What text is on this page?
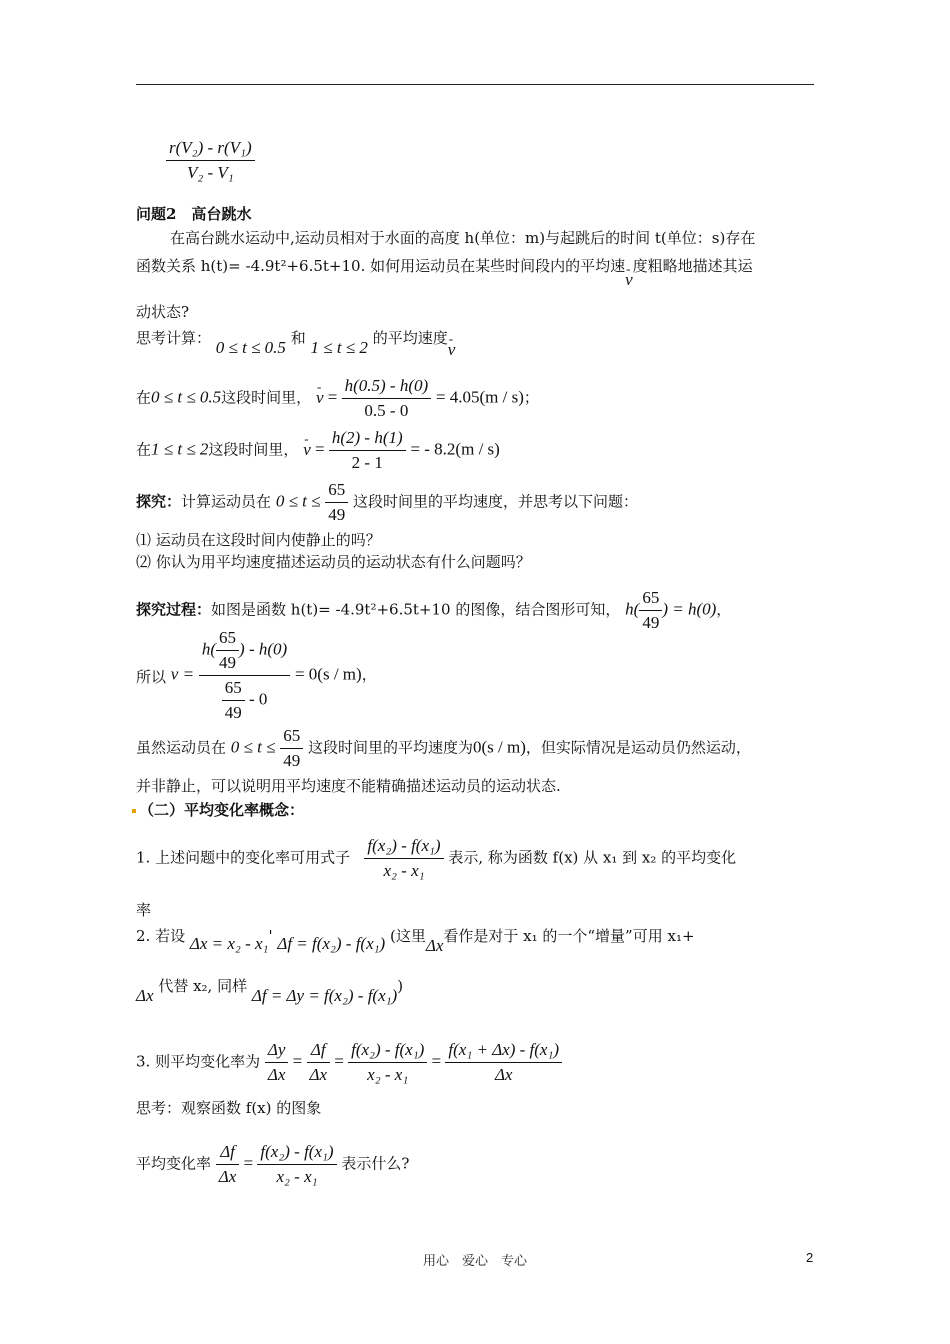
$\frac{\text{r(V₂) - r(V₁)}}{\text{V₂ - V₁}}$
问题2　高台跳水
在高台跳水运动中,运动员相对于水面的高度 h(单位：m)与起跳后的时间 t(单位：s)存在
函数关系 h(t)= -4.9t²+6.5t+10. 如何用运动员在某些时间段内的平均速- v度粗略地描述其运
动状态?
思考计算： 0 ≤ t ≤ 0.5 和 1 ≤ t ≤ 2 的平均速度- v
在0 ≤ t ≤ 0.5这段时间里， - $v = \frac{h(0.5) - h(0)}{0.5 - 0} = 4.05(m / s)$；
在1 ≤ t ≤ 2这段时间里， - $v = \frac{h(2) - h(1)}{2 - 1}$ = - 8.2(m / s)
探究：计算运动员在 $0 \le t \le \frac{65}{49}$ 这段时间里的平均速度，并思考以下问题：
⑴ 运动员在这段时间内使静止的吗？
⑵ 你认为用平均速度描述运动员的运动状态有什么问题吗？
探究过程：如图是函数 h(t)= -4.9t²+6.5t+10 的图像，结合图形可知， $h( \frac{65}{49}$ ) = h(0)，
所以 $v = \frac{h( \frac{65}{49} ) - h(0)}{\frac{65}{49} - 0} = 0(s / m)$，
虽然运动员在 $0 \le t \le \frac{65}{49}$ 这段时间里的平均速度为0(s / m)，但实际情况是运动员仍然运动，
并非静止，可以说明用平均速度不能精确描述运动员的运动状态.
（二）平均变化率概念：
1. 上述问题中的变化率可用式子 $\frac{\text{f(x₂) - f(x₁)}}{\text{x₂ - x₁}}$ 表示, 称为函数 f(x) 从 x₁ 到 x₂ 的平均变化
率
2. 若设 Δx = x₂ - x₁' Δf = f(x₂) - f(x₁) (这里Δx看作是对于 x₁ 的一个“增量”可用 x₁+
Δx 代替 x₂, 同样 Δf = Δy = f(x₂) - f(x₁))
3. 则平均变化率为 $\frac{\Delta y}{\Delta x} = \frac{\Delta f}{\Delta x} = \frac{\text{f(x₂) - f(x₁)}}{\text{x₂ - x₁}} = \frac{\text{f(x₁ + Δx) - f(x₁)}}{\Delta x}$
思考：观察函数 f(x) 的图象
平均变化率 $\frac{\Delta f}{\Delta x} = \frac{\text{f(x₂) - f(x₁)}}{\text{x₂ - x₁}}$ 表示什么?
用心　爱心　专心	2
